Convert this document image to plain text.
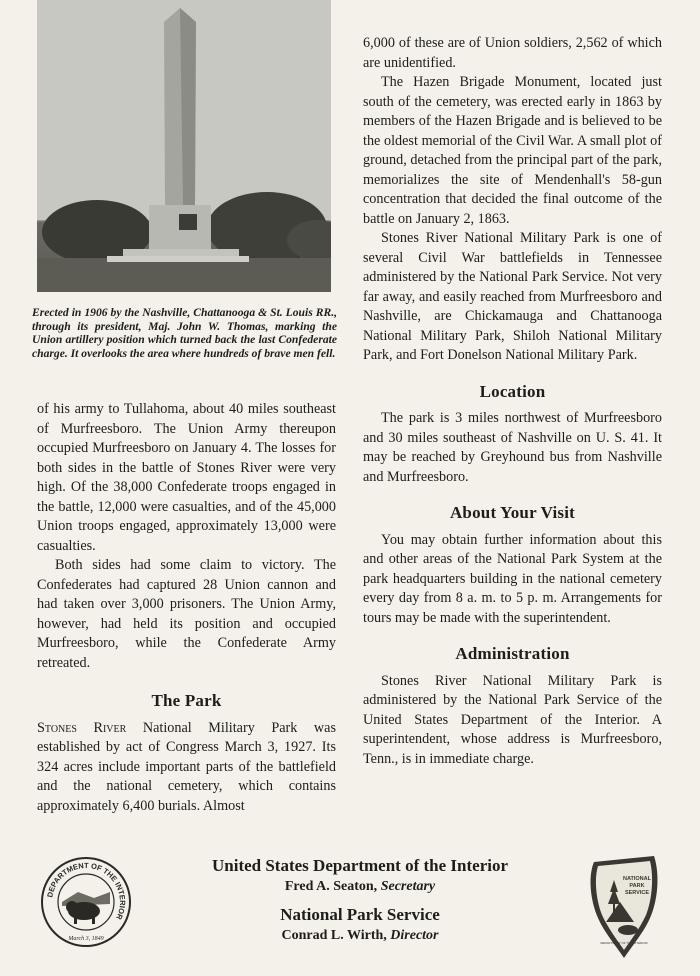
Erected in 1906 by the Nashville, Chattanooga & St. Louis RR., through its president, Maj. John W. Thomas, marking the Union artillery position which turned back the last Confederate charge. It overlooks the area where hundreds of brave men fell.

of his army to Tullahoma, about 40 miles southeast of Murfreesboro. The Union Army thereupon occupied Murfreesboro on January 4. The losses for both sides in the battle of Stones River were very high. Of the 38,000 Confederate troops engaged in the battle, 12,000 were casualties, and of the 45,000 Union troops engaged, approximately 13,000 were casualties.

Both sides had some claim to victory. The Confederates had captured 28 Union cannon and had taken over 3,000 prisoners. The Union Army, however, had held its position and occupied Murfreesboro, while the Confederate Army retreated.

The Park

Stones River National Military Park was established by act of Congress March 3, 1927. Its 324 acres include important parts of the battlefield and the national cemetery, which contains approximately 6,400 burials. Almost

6,000 of these are of Union soldiers, 2,562 of which are unidentified.

The Hazen Brigade Monument, located just south of the cemetery, was erected early in 1863 by members of the Hazen Brigade and is believed to be the oldest memorial of the Civil War. A small plot of ground, detached from the principal part of the park, memorializes the site of Mendenhall's 58-gun concentration that decided the final outcome of the battle on January 2, 1863.

Stones River National Military Park is one of several Civil War battlefields in Tennessee administered by the National Park Service. Not very far away, and easily reached from Murfreesboro and Nashville, are Chickamauga and Chattanooga National Military Park, Shiloh National Military Park, and Fort Donelson National Military Park.

Location

The park is 3 miles northwest of Murfreesboro and 30 miles southeast of Nashville on U. S. 41. It may be reached by Greyhound bus from Nashville and Murfreesboro.

About Your Visit

You may obtain further information about this and other areas of the National Park System at the park headquarters building in the national cemetery every day from 8 a. m. to 5 p. m. Arrangements for tours may be made with the superintendent.

Administration

Stones River National Military Park is administered by the National Park Service of the United States Department of the Interior. A superintendent, whose address is Murfreesboro, Tenn., is in immediate charge.

DEPARTMENT OF THE INTERIOR
March 3, 1849
United States Department of the Interior
Fred A. Seaton, Secretary
National Park Service
Conrad L. Wirth, Director
NATIONAL
PARK
SERVICE
DEPARTMENT OF THE INTERIOR
